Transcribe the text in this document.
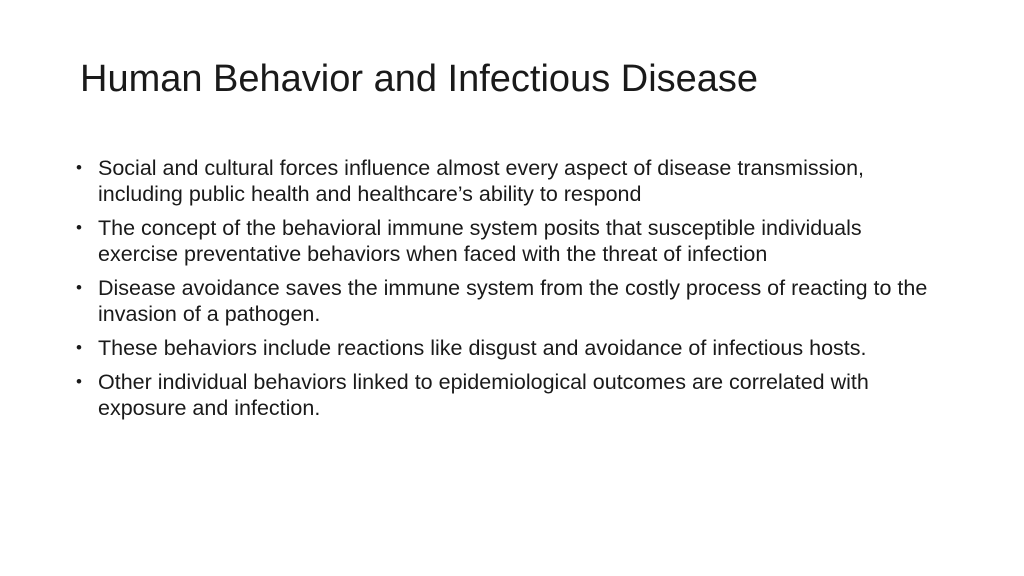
Human Behavior and Infectious Disease
• Social and cultural forces influence almost every aspect of disease transmission, including public health and healthcare’s ability to respond
• The concept of the behavioral immune system posits that susceptible individuals exercise preventative behaviors when faced with the threat of infection
• Disease avoidance saves the immune system from the costly process of reacting to the invasion of a pathogen.
• These behaviors include reactions like disgust and avoidance of infectious hosts.
• Other individual behaviors linked to epidemiological outcomes are correlated with exposure and infection.
